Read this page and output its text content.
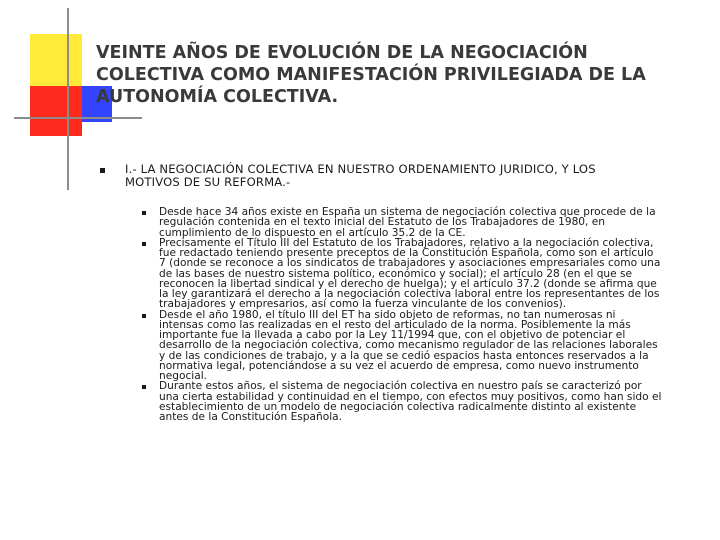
VEINTE AÑOS DE EVOLUCIÓN DE LA NEGOCIACIÓN
COLECTIVA COMO MANIFESTACIÓN PRIVILEGIADA DE LA
AUTONOMÍA COLECTIVA.
I.- LA NEGOCIACIÓN COLECTIVA EN NUESTRO ORDENAMIENTO JURIDICO, Y LOS
MOTIVOS DE SU REFORMA.-
Desde hace 34 años existe en España un sistema de negociación colectiva que procede de la
regulación contenida en el texto inicial del Estatuto de los Trabajadores de 1980, en
cumplimiento de lo dispuesto en el artículo 35.2 de la CE.
Precisamente el Título III del Estatuto de los Trabajadores, relativo a la negociación colectiva,
fue redactado teniendo presente preceptos de la Constitución Española, como son el artículo
7 (donde se reconoce a los sindicatos de trabajadores y asociaciones empresariales como una
de las bases de nuestro sistema político, económico y social); el artículo 28 (en el que se
reconocen la libertad sindical y el derecho de huelga); y el artículo 37.2 (donde se afirma que
la ley garantizará el derecho a la negociación colectiva laboral entre los representantes de los
trabajadores y empresarios, así como la fuerza vinculante de los convenios).
Desde el año 1980, el título III del ET ha sido objeto de reformas, no tan numerosas ni
intensas como las realizadas en el resto del articulado de la norma. Posiblemente la más
importante fue la llevada a cabo por la Ley 11/1994 que, con el objetivo de potenciar el
desarrollo de la negociación colectiva, como mecanismo regulador de las relaciones laborales
y de las condiciones de trabajo, y a la que se cedió espacios hasta entonces reservados a la
normativa legal, potenciándose a su vez el acuerdo de empresa, como nuevo instrumento
negocial.
Durante estos años, el sistema de negociación colectiva en nuestro país se caracterizó por
una cierta estabilidad y continuidad en el tiempo, con efectos muy positivos, como han sido el
establecimiento de un modelo de negociación colectiva radicalmente distinto al existente
antes de la Constitución Española.
